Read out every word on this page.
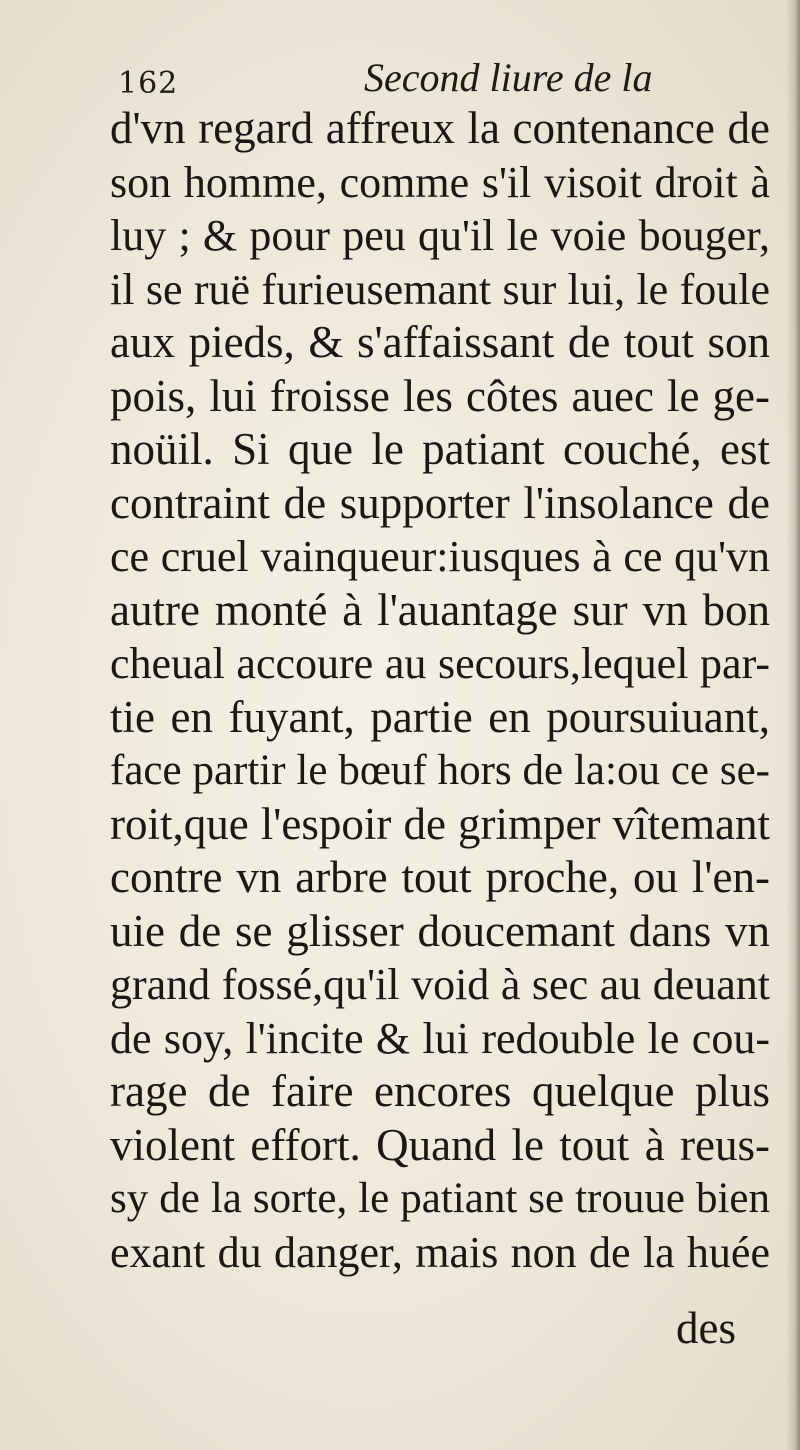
162	Second liure de la
d'vn regard affreux la contenance de
son homme, comme s'il visoit droit à
luy ; & pour peu qu'il le voie bouger,
il se ruë furieusemant sur lui, le foule
aux pieds, & s'affaissant de tout son
pois, lui froisse les côtes auec le ge-
noüil. Si que le patiant couché, est
contraint de supporter l'insolance de
ce cruel vainqueur:iusques à ce qu'vn
autre monté à l'auantage sur vn bon
cheual accoure au secours,lequel par-
tie en fuyant, partie en poursuiuant,
face partir le bœuf hors de la:ou ce se-
roit,que l'espoir de grimper vîtemant
contre vn arbre tout proche, ou l'en-
uie de se glisser doucemant dans vn
grand fossé,qu'il void à sec au deuant
de soy, l'incite & lui redouble le cou-
rage de faire encores quelque plus
violent effort. Quand le tout à reus-
sy de la sorte, le patiant se trouue bien
exant du danger, mais non de la huée
des
